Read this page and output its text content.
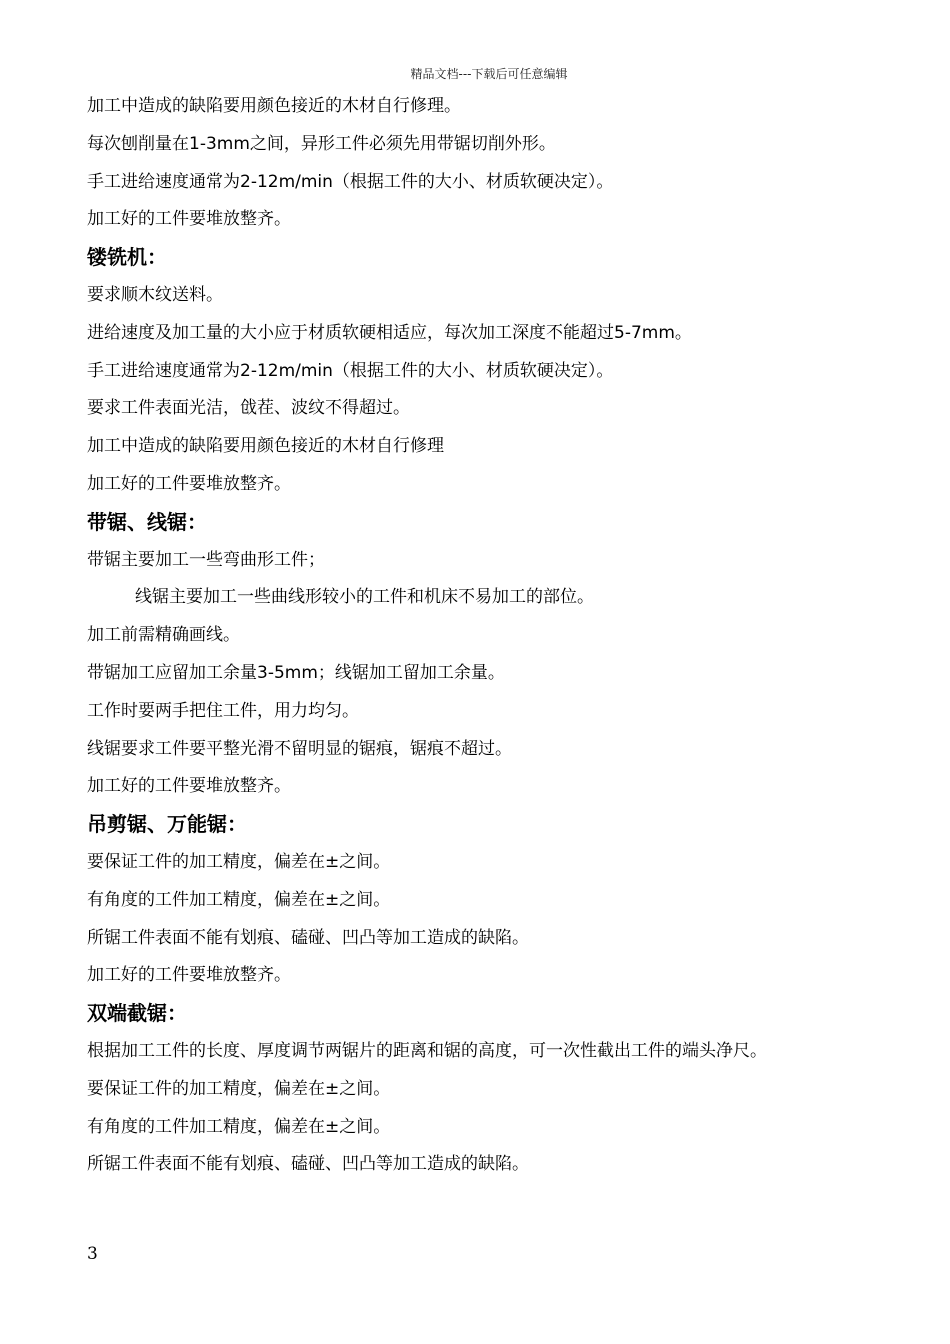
精品文档---下载后可任意编辑
加工中造成的缺陷要用颜色接近的木材自行修理。
每次刨削量在1-3mm之间，异形工件必须先用带锯切削外形。
手工进给速度通常为2-12m/min（根据工件的大小、材质软硬决定）。
加工好的工件要堆放整齐。
镂铣机：
要求顺木纹送料。
进给速度及加工量的大小应于材质软硬相适应，每次加工深度不能超过5-7mm。
手工进给速度通常为2-12m/min（根据工件的大小、材质软硬决定）。
要求工件表面光洁，戗茬、波纹不得超过。
加工中造成的缺陷要用颜色接近的木材自行修理
加工好的工件要堆放整齐。
带锯、线锯：
带锯主要加工一些弯曲形工件；
线锯主要加工一些曲线形较小的工件和机床不易加工的部位。
加工前需精确画线。
带锯加工应留加工余量3-5mm；线锯加工留加工余量。
工作时要两手把住工件，用力均匀。
线锯要求工件要平整光滑不留明显的锯痕，锯痕不超过。
加工好的工件要堆放整齐。
吊剪锯、万能锯：
要保证工件的加工精度，偏差在±之间。
有角度的工件加工精度，偏差在±之间。
所锯工件表面不能有划痕、磕碰、凹凸等加工造成的缺陷。
加工好的工件要堆放整齐。
双端截锯：
根据加工工件的长度、厚度调节两锯片的距离和锯的高度，可一次性截出工件的端头净尺。
要保证工件的加工精度，偏差在±之间。
有角度的工件加工精度，偏差在±之间。
所锯工件表面不能有划痕、磕碰、凹凸等加工造成的缺陷。
3
